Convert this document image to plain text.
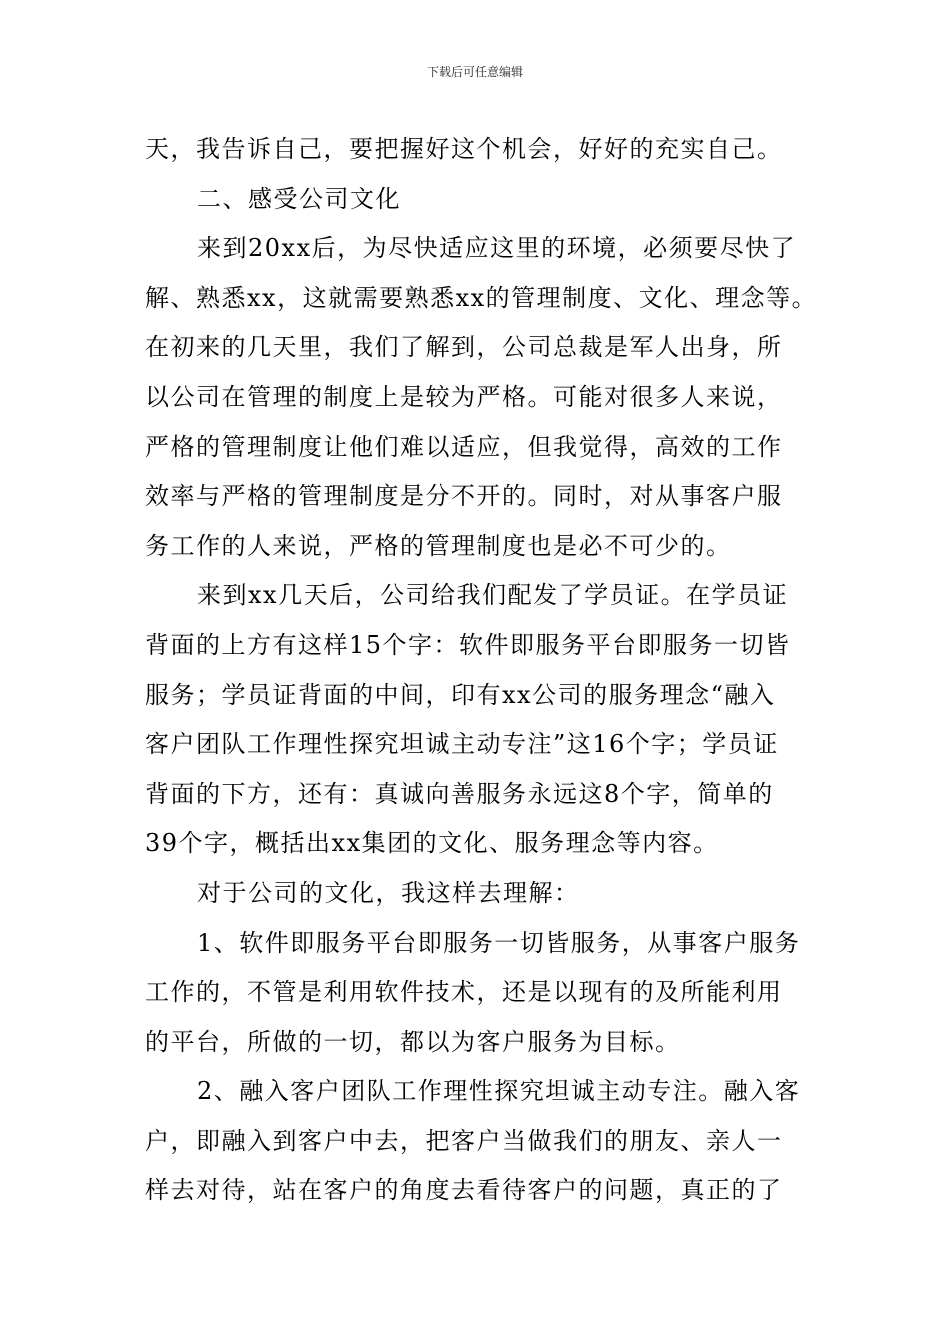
下载后可任意编辑
天，我告诉自己，要把握好这个机会，好好的充实自己。
二、感受公司文化
来到20xx后，为尽快适应这里的环境，必须要尽快了
解、熟悉xx，这就需要熟悉xx的管理制度、文化、理念等。
在初来的几天里，我们了解到，公司总裁是军人出身，所
以公司在管理的制度上是较为严格。可能对很多人来说，
严格的管理制度让他们难以适应，但我觉得，高效的工作
效率与严格的管理制度是分不开的。同时，对从事客户服
务工作的人来说，严格的管理制度也是必不可少的。
来到xx几天后，公司给我们配发了学员证。在学员证
背面的上方有这样15个字：软件即服务平台即服务一切皆
服务；学员证背面的中间，印有xx公司的服务理念“融入
客户团队工作理性探究坦诚主动专注”这16个字；学员证
背面的下方，还有：真诚向善服务永远这8个字，简单的
39个字，概括出xx集团的文化、服务理念等内容。
对于公司的文化，我这样去理解：
1、软件即服务平台即服务一切皆服务，从事客户服务
工作的，不管是利用软件技术，还是以现有的及所能利用
的平台，所做的一切，都以为客户服务为目标。
2、融入客户团队工作理性探究坦诚主动专注。融入客
户，即融入到客户中去，把客户当做我们的朋友、亲人一
样去对待，站在客户的角度去看待客户的问题，真正的了
